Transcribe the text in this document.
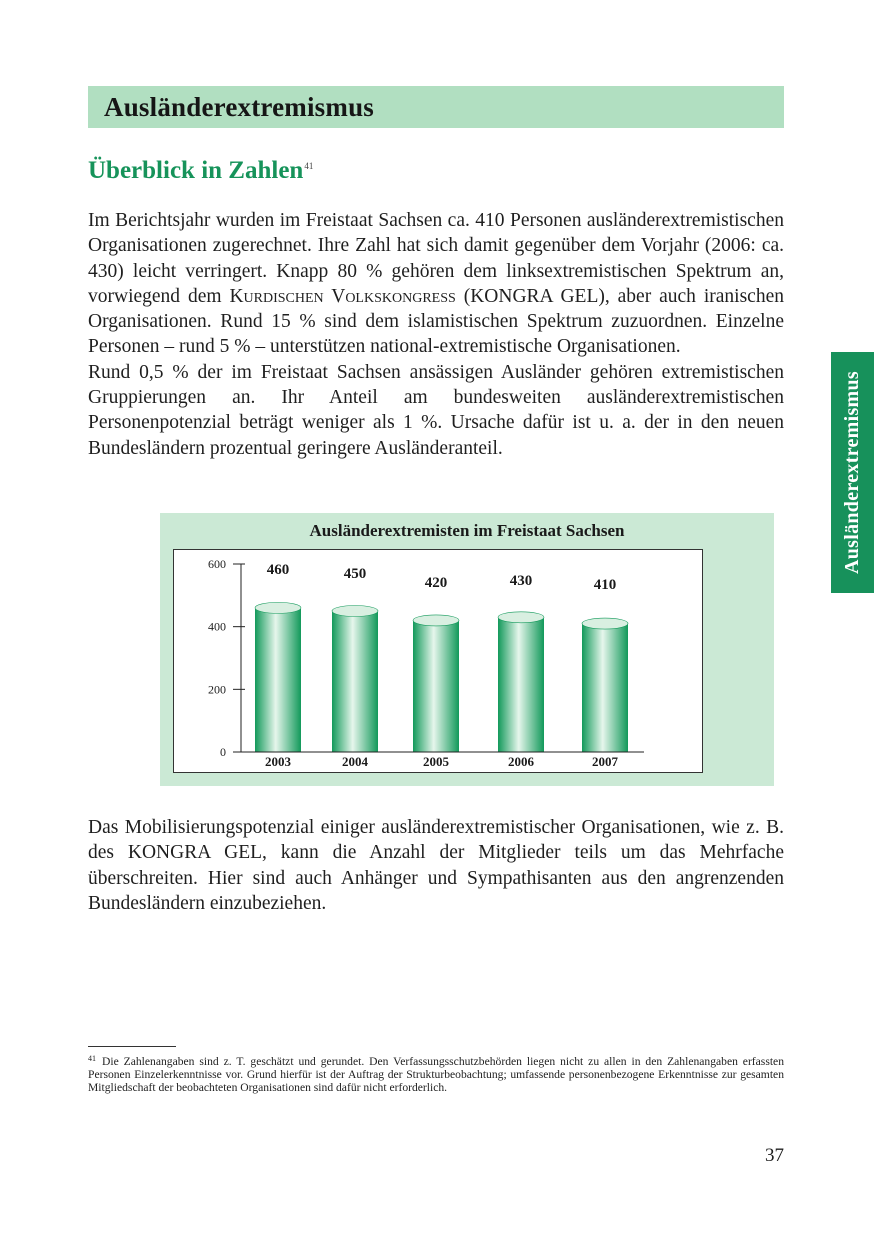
Ausländerextremismus
Überblick in Zahlen$^{41}$

Im Berichtsjahr wurden im Freistaat Sachsen ca. 410 Personen ausländerextremistischen Organisationen zugerechnet. Ihre Zahl hat sich damit gegenüber dem Vorjahr (2006: ca. 430) leicht verringert. Knapp 80 % gehören dem linksextremistischen Spektrum an, vorwiegend dem Kurdischen Volkskongress (KONGRA GEL), aber auch iranischen Organisationen. Rund 15 % sind dem islamistischen Spektrum zuzuordnen. Einzelne Personen – rund 5 % – unterstützen national-extremistische Organisationen.

Rund 0,5 % der im Freistaat Sachsen ansässigen Ausländer gehören extremistischen Gruppierungen an. Ihr Anteil am bundesweiten ausländerextremistischen Personenpotenzial beträgt weniger als 1 %. Ursache dafür ist u. a. der in den neuen Bundesländern prozentual geringere Ausländeranteil.	Ausländerextremismus
Ausländerextremisten im Freistaat Sachsen
0
200
400
600	460
2003
450
2004
420
2005
430
2006
410
2007

Das Mobilisierungspotenzial einiger ausländerextremistischer Organisationen, wie z. B. des KONGRA GEL, kann die Anzahl der Mitglieder teils um das Mehrfache überschreiten. Hier sind auch Anhänger und Sympathisanten aus den angrenzenden Bundesländern einzubeziehen.

$^{41}$ Die Zahlenangaben sind z. T. geschätzt und gerundet. Den Verfassungsschutzbehörden liegen nicht zu allen in den Zahlenangaben erfassten Personen Einzelerkenntnisse vor. Grund hierfür ist der Auftrag der Strukturbeobachtung; umfassende personenbezogene Erkenntnisse zur gesamten Mitgliedschaft der beobachteten Organisationen sind dafür nicht erforderlich.

37
